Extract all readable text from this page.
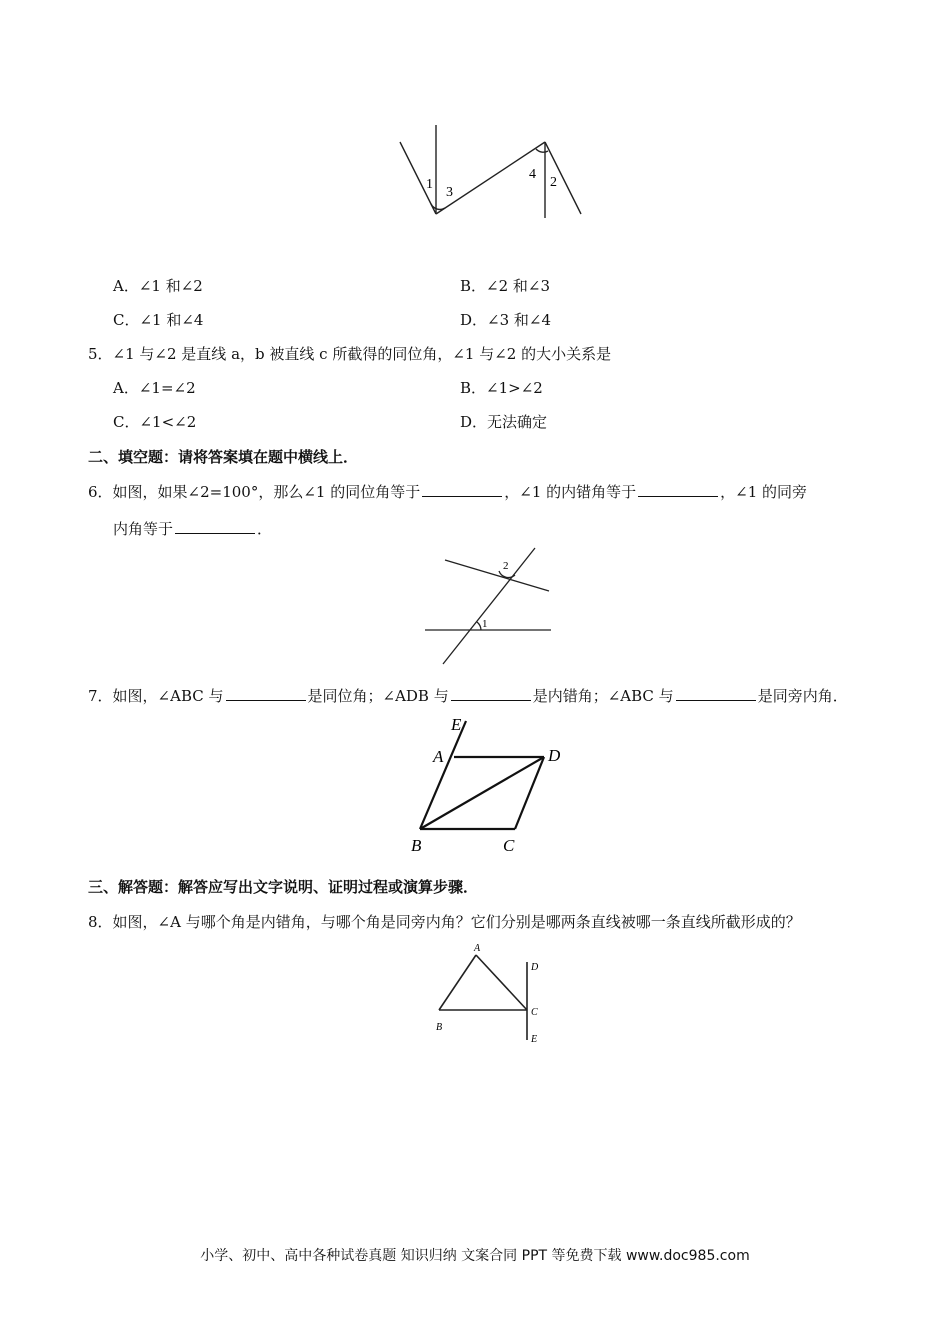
1
3
4
2
A．∠1 和∠2	B．∠2 和∠3
C．∠1 和∠4	D．∠3 和∠4
5．∠1 与∠2 是直线 a，b 被直线 c 所截得的同位角，∠1 与∠2 的大小关系是
A．∠1=∠2	B．∠1>∠2
C．∠1<∠2	D．无法确定
二、填空题：请将答案填在题中横线上．
6．如图，如果∠2=100°，那么∠1 的同位角等于	，∠1 的内错角等于	，∠1 的同旁
内角等于	．
1
2
7．如图，∠ABC 与	是同位角；∠ADB 与	是内错角；∠ABC 与	是同旁内角．
E
A	D
B	C
三、解答题：解答应写出文字说明、证明过程或演算步骤．
8．如图，∠A 与哪个角是内错角，与哪个角是同旁内角？它们分别是哪两条直线被哪一条直线所截形成的？
A
B
C
D
E
小学、初中、高中各种试卷真题 知识归纳 文案合同 PPT 等免费下载 www.doc985.com
